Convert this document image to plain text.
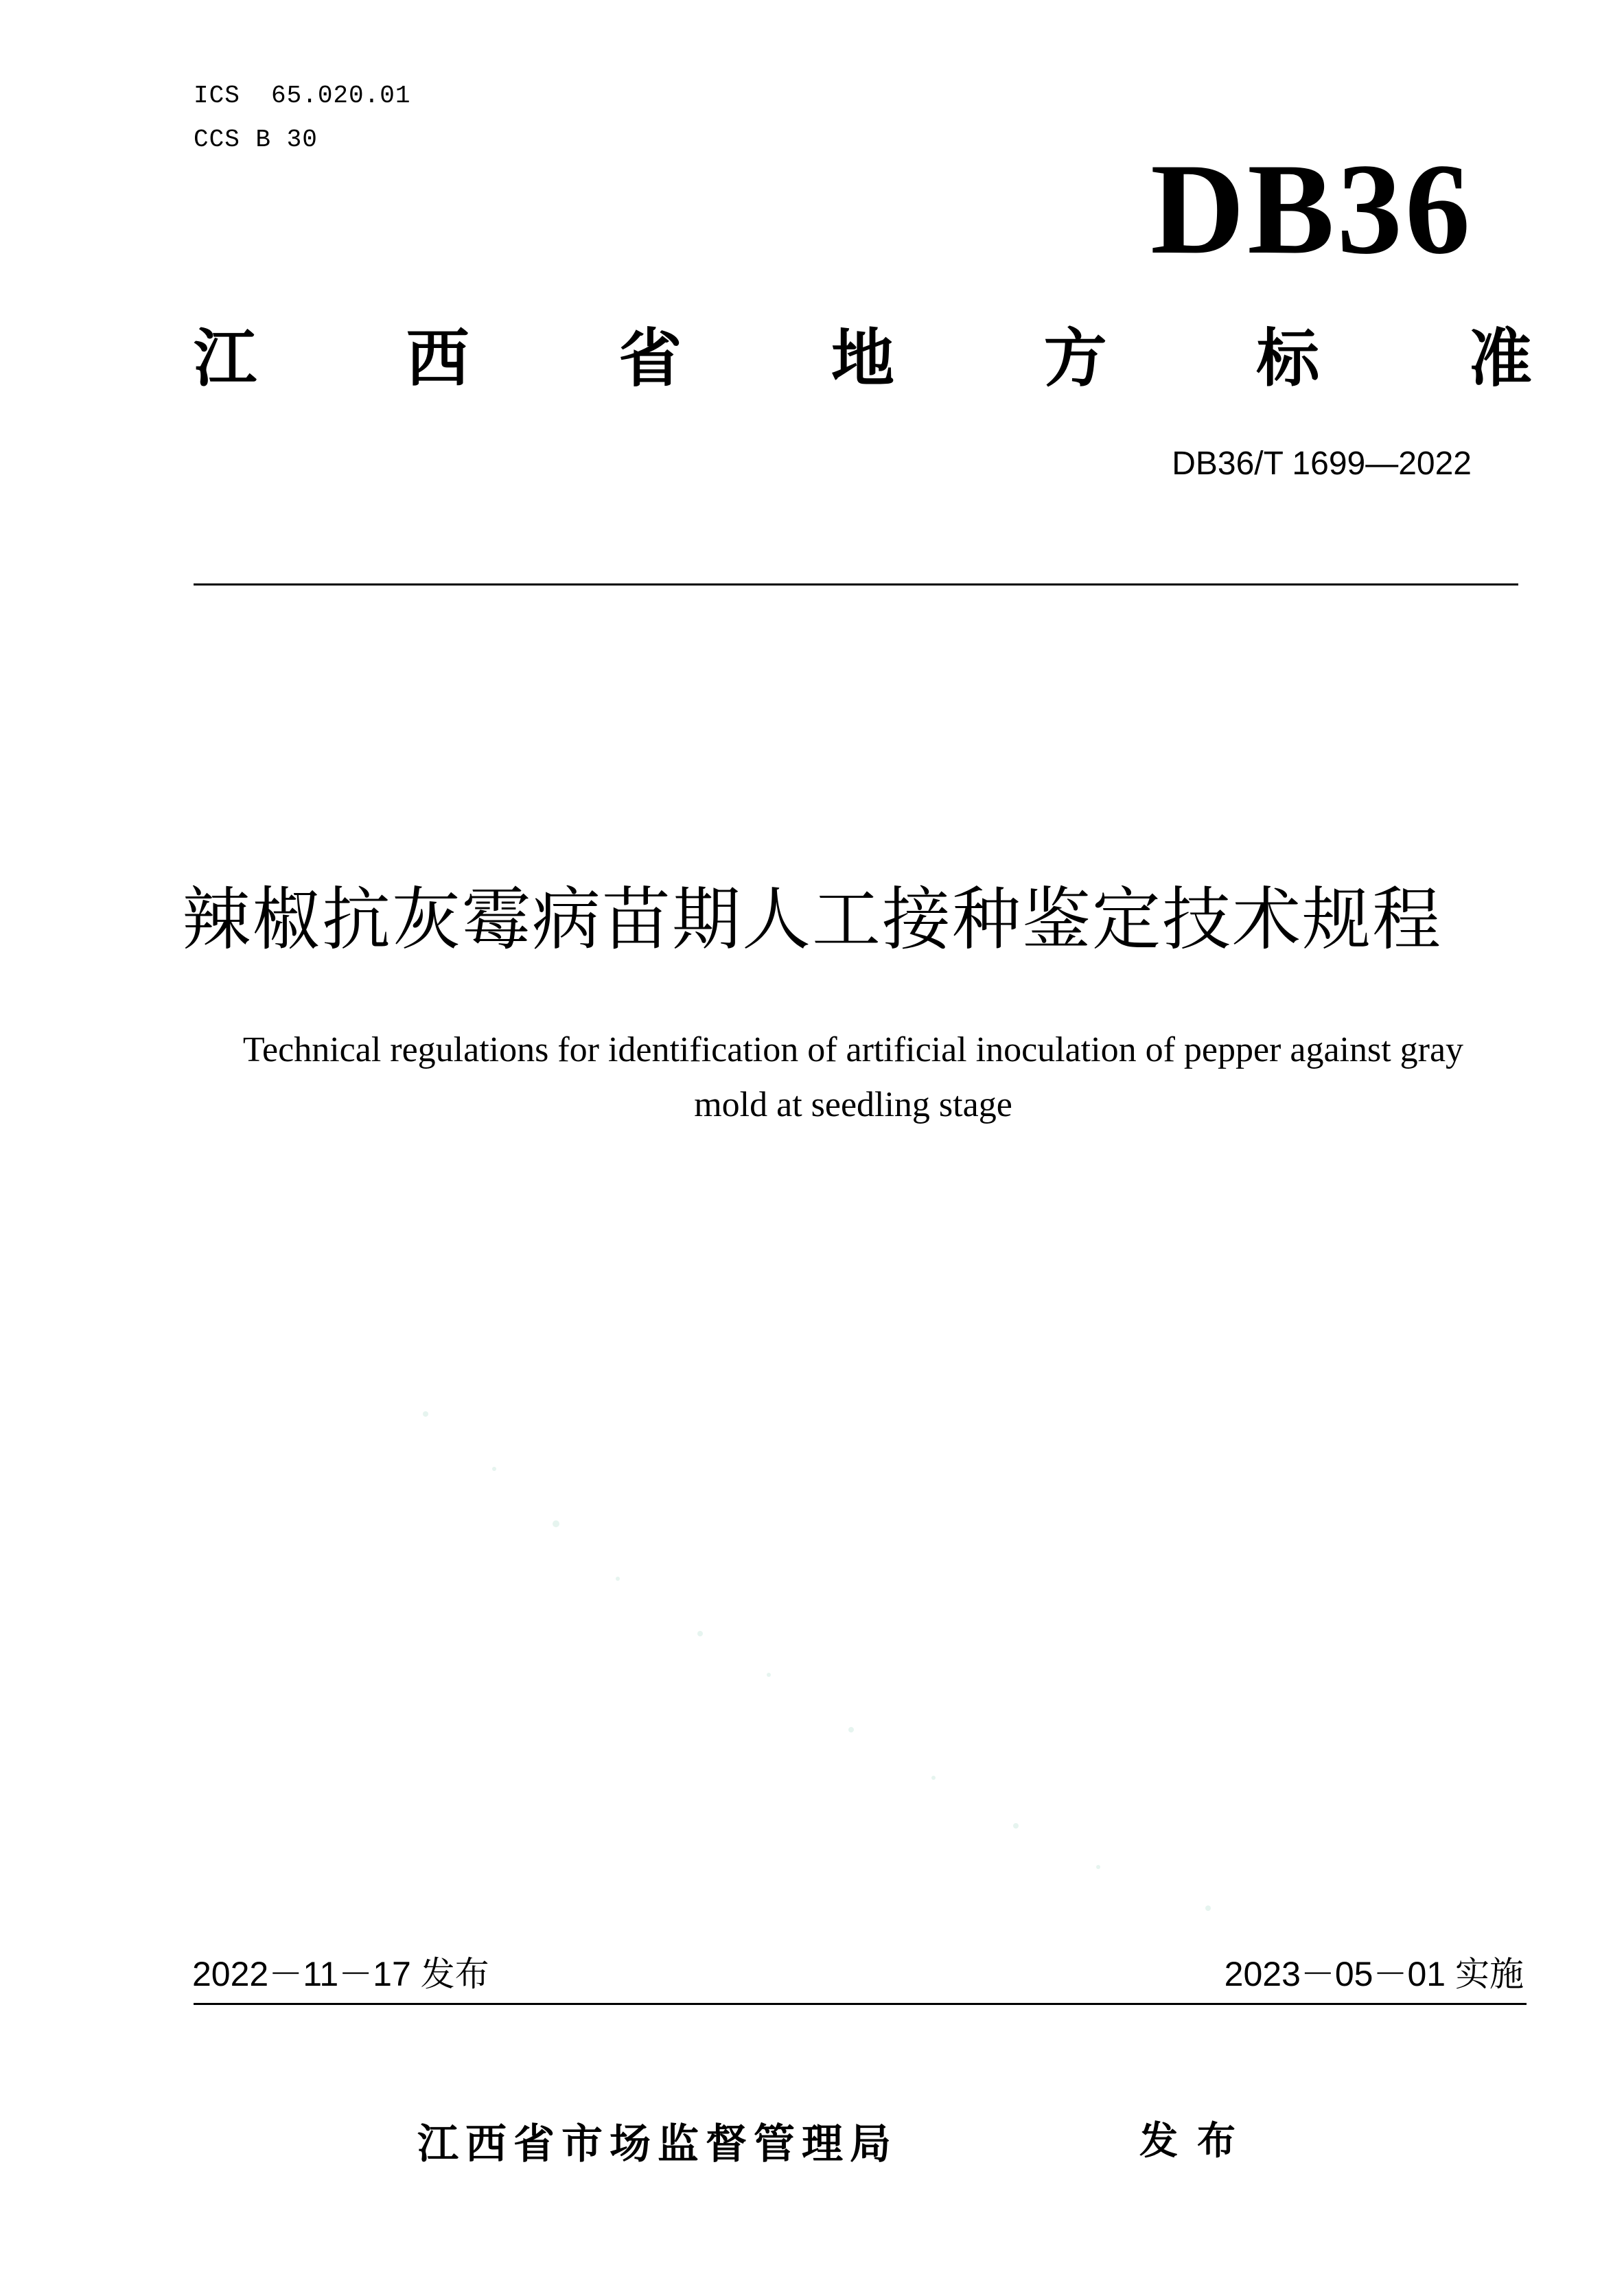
ICS  65.020.01
CCS B 30	DB36
江 西 省 地 方 标 准
DB36/T 1699—2022
辣椒抗灰霉病苗期人工接种鉴定技术规程
Technical regulations for identification of artificial inoculation of pepper against gray
mold at seedling stage
2022－11－17 发布	2023－05－01 实施
江西省市场监督管理局	发布
